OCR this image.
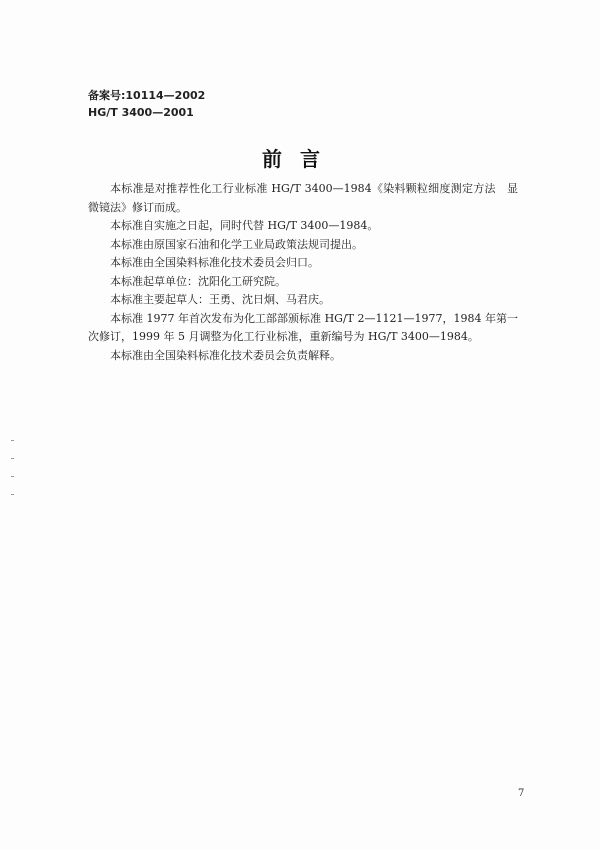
备案号:10114—2002
HG/T 3400—2001
前言

本标准是对推荐性化工行业标准 HG/T 3400—1984《染料颗粒细度测定方法　显微镜法》修订而成。

本标准自实施之日起，同时代替 HG/T 3400—1984。

本标准由原国家石油和化学工业局政策法规司提出。

本标准由全国染料标准化技术委员会归口。

本标准起草单位：沈阳化工研究院。

本标准主要起草人：王勇、沈日炯、马君庆。

本标准 1977 年首次发布为化工部部颁标准 HG/T 2—1121—1977，1984 年第一次修订，1999 年 5 月调整为化工行业标准，重新编号为 HG/T 3400—1984。

本标准由全国染料标准化技术委员会负责解释。

7
